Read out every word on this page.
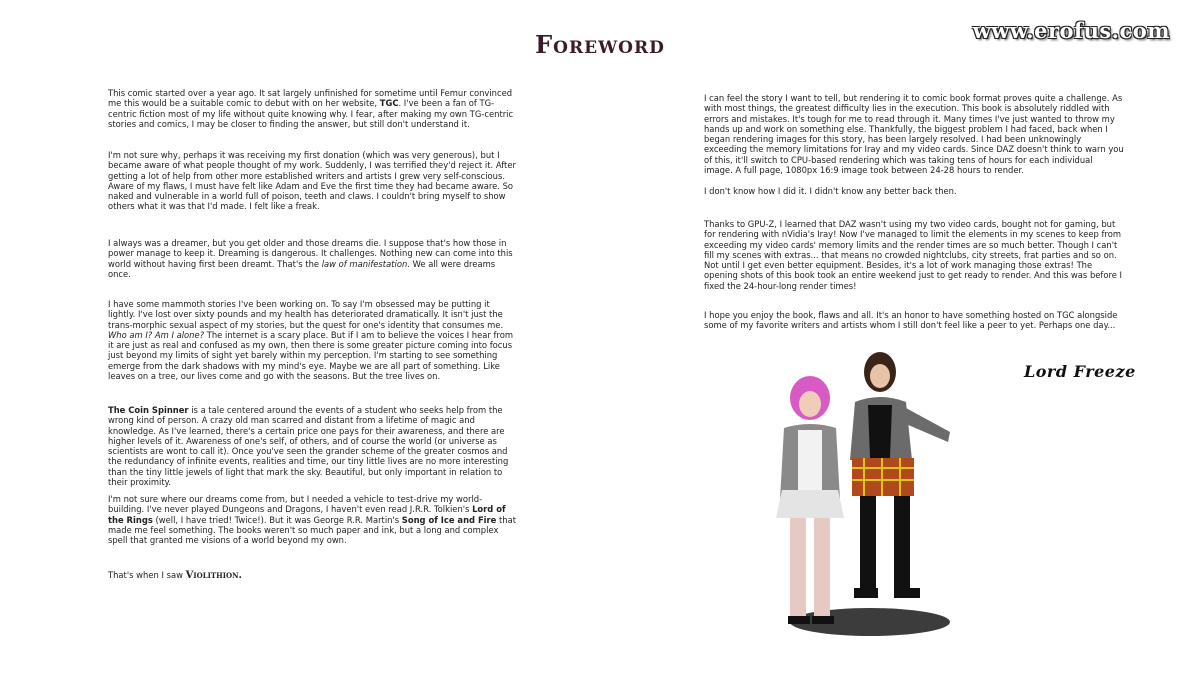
www.erofus.com
Foreword

This comic started over a year ago. It sat largely unfinished for sometime until Femur convinced me this would be a suitable comic to debut with on her website, TGC. I've been a fan of TG-centric fiction most of my life without quite knowing why. I fear, after making my own TG-centric stories and comics, I may be closer to finding the answer, but still don't understand it.

I'm not sure why, perhaps it was receiving my first donation (which was very generous), but I became aware of what people thought of my work. Suddenly, I was terrified they'd reject it. After getting a lot of help from other more established writers and artists I grew very self-conscious. Aware of my flaws, I must have felt like Adam and Eve the first time they had became aware. So naked and vulnerable in a world full of poison, teeth and claws. I couldn't bring myself to show others what it was that I'd made. I felt like a freak.

I always was a dreamer, but you get older and those dreams die. I suppose that's how those in power manage to keep it. Dreaming is dangerous. It challenges. Nothing new can come into this world without having first been dreamt. That's the law of manifestation. We all were dreams once.

I have some mammoth stories I've been working on. To say I'm obsessed may be putting it lightly. I've lost over sixty pounds and my health has deteriorated dramatically. It isn't just the trans-morphic sexual aspect of my stories, but the quest for one's identity that consumes me. Who am I? Am I alone? The internet is a scary place. But if I am to believe the voices I hear from it are just as real and confused as my own, then there is some greater picture coming into focus just beyond my limits of sight yet barely within my perception. I'm starting to see something emerge from the dark shadows with my mind's eye. Maybe we are all part of something. Like leaves on a tree, our lives come and go with the seasons. But the tree lives on.

The Coin Spinner is a tale centered around the events of a student who seeks help from the wrong kind of person. A crazy old man scarred and distant from a lifetime of magic and knowledge. As I've learned, there's a certain price one pays for their awareness, and there are higher levels of it. Awareness of one's self, of others, and of course the world (or universe as scientists are wont to call it). Once you've seen the grander scheme of the greater cosmos and the redundancy of infinite events, realities and time, our tiny little lives are no more interesting than the tiny little jewels of light that mark the sky. Beautiful, but only important in relation to their proximity.

I'm not sure where our dreams come from, but I needed a vehicle to test-drive my world-building. I've never played Dungeons and Dragons, I haven't even read J.R.R. Tolkien's Lord of the Rings (well, I have tried! Twice!). But it was George R.R. Martin's Song of Ice and Fire that made me feel something. The books weren't so much paper and ink, but a long and complex spell that granted me visions of a world beyond my own.

That's when I saw Violithion.

I can feel the story I want to tell, but rendering it to comic book format proves quite a challenge. As with most things, the greatest difficulty lies in the execution. This book is absolutely riddled with errors and mistakes. It's tough for me to read through it. Many times I've just wanted to throw my hands up and work on something else. Thankfully, the biggest problem I had faced, back when I began rendering images for this story, has been largely resolved. I had been unknowingly exceeding the memory limitations for Iray and my video cards. Since DAZ doesn't think to warn you of this, it'll switch to CPU-based rendering which was taking tens of hours for each individual image. A full page, 1080px 16:9 image took between 24-28 hours to render.

I don't know how I did it. I didn't know any better back then.

Thanks to GPU-Z, I learned that DAZ wasn't using my two video cards, bought not for gaming, but for rendering with nVidia's Iray! Now I've managed to limit the elements in my scenes to keep from exceeding my video cards' memory limits and the render times are so much better. Though I can't fill my scenes with extras... that means no crowded nightclubs, city streets, frat parties and so on. Not until I get even better equipment. Besides, it's a lot of work managing those extras! The opening shots of this book took an entire weekend just to get ready to render. And this was before I fixed the 24-hour-long render times!

I hope you enjoy the book, flaws and all. It's an honor to have something hosted on TGC alongside some of my favorite writers and artists whom I still don't feel like a peer to yet. Perhaps one day...

Lord Freeze
